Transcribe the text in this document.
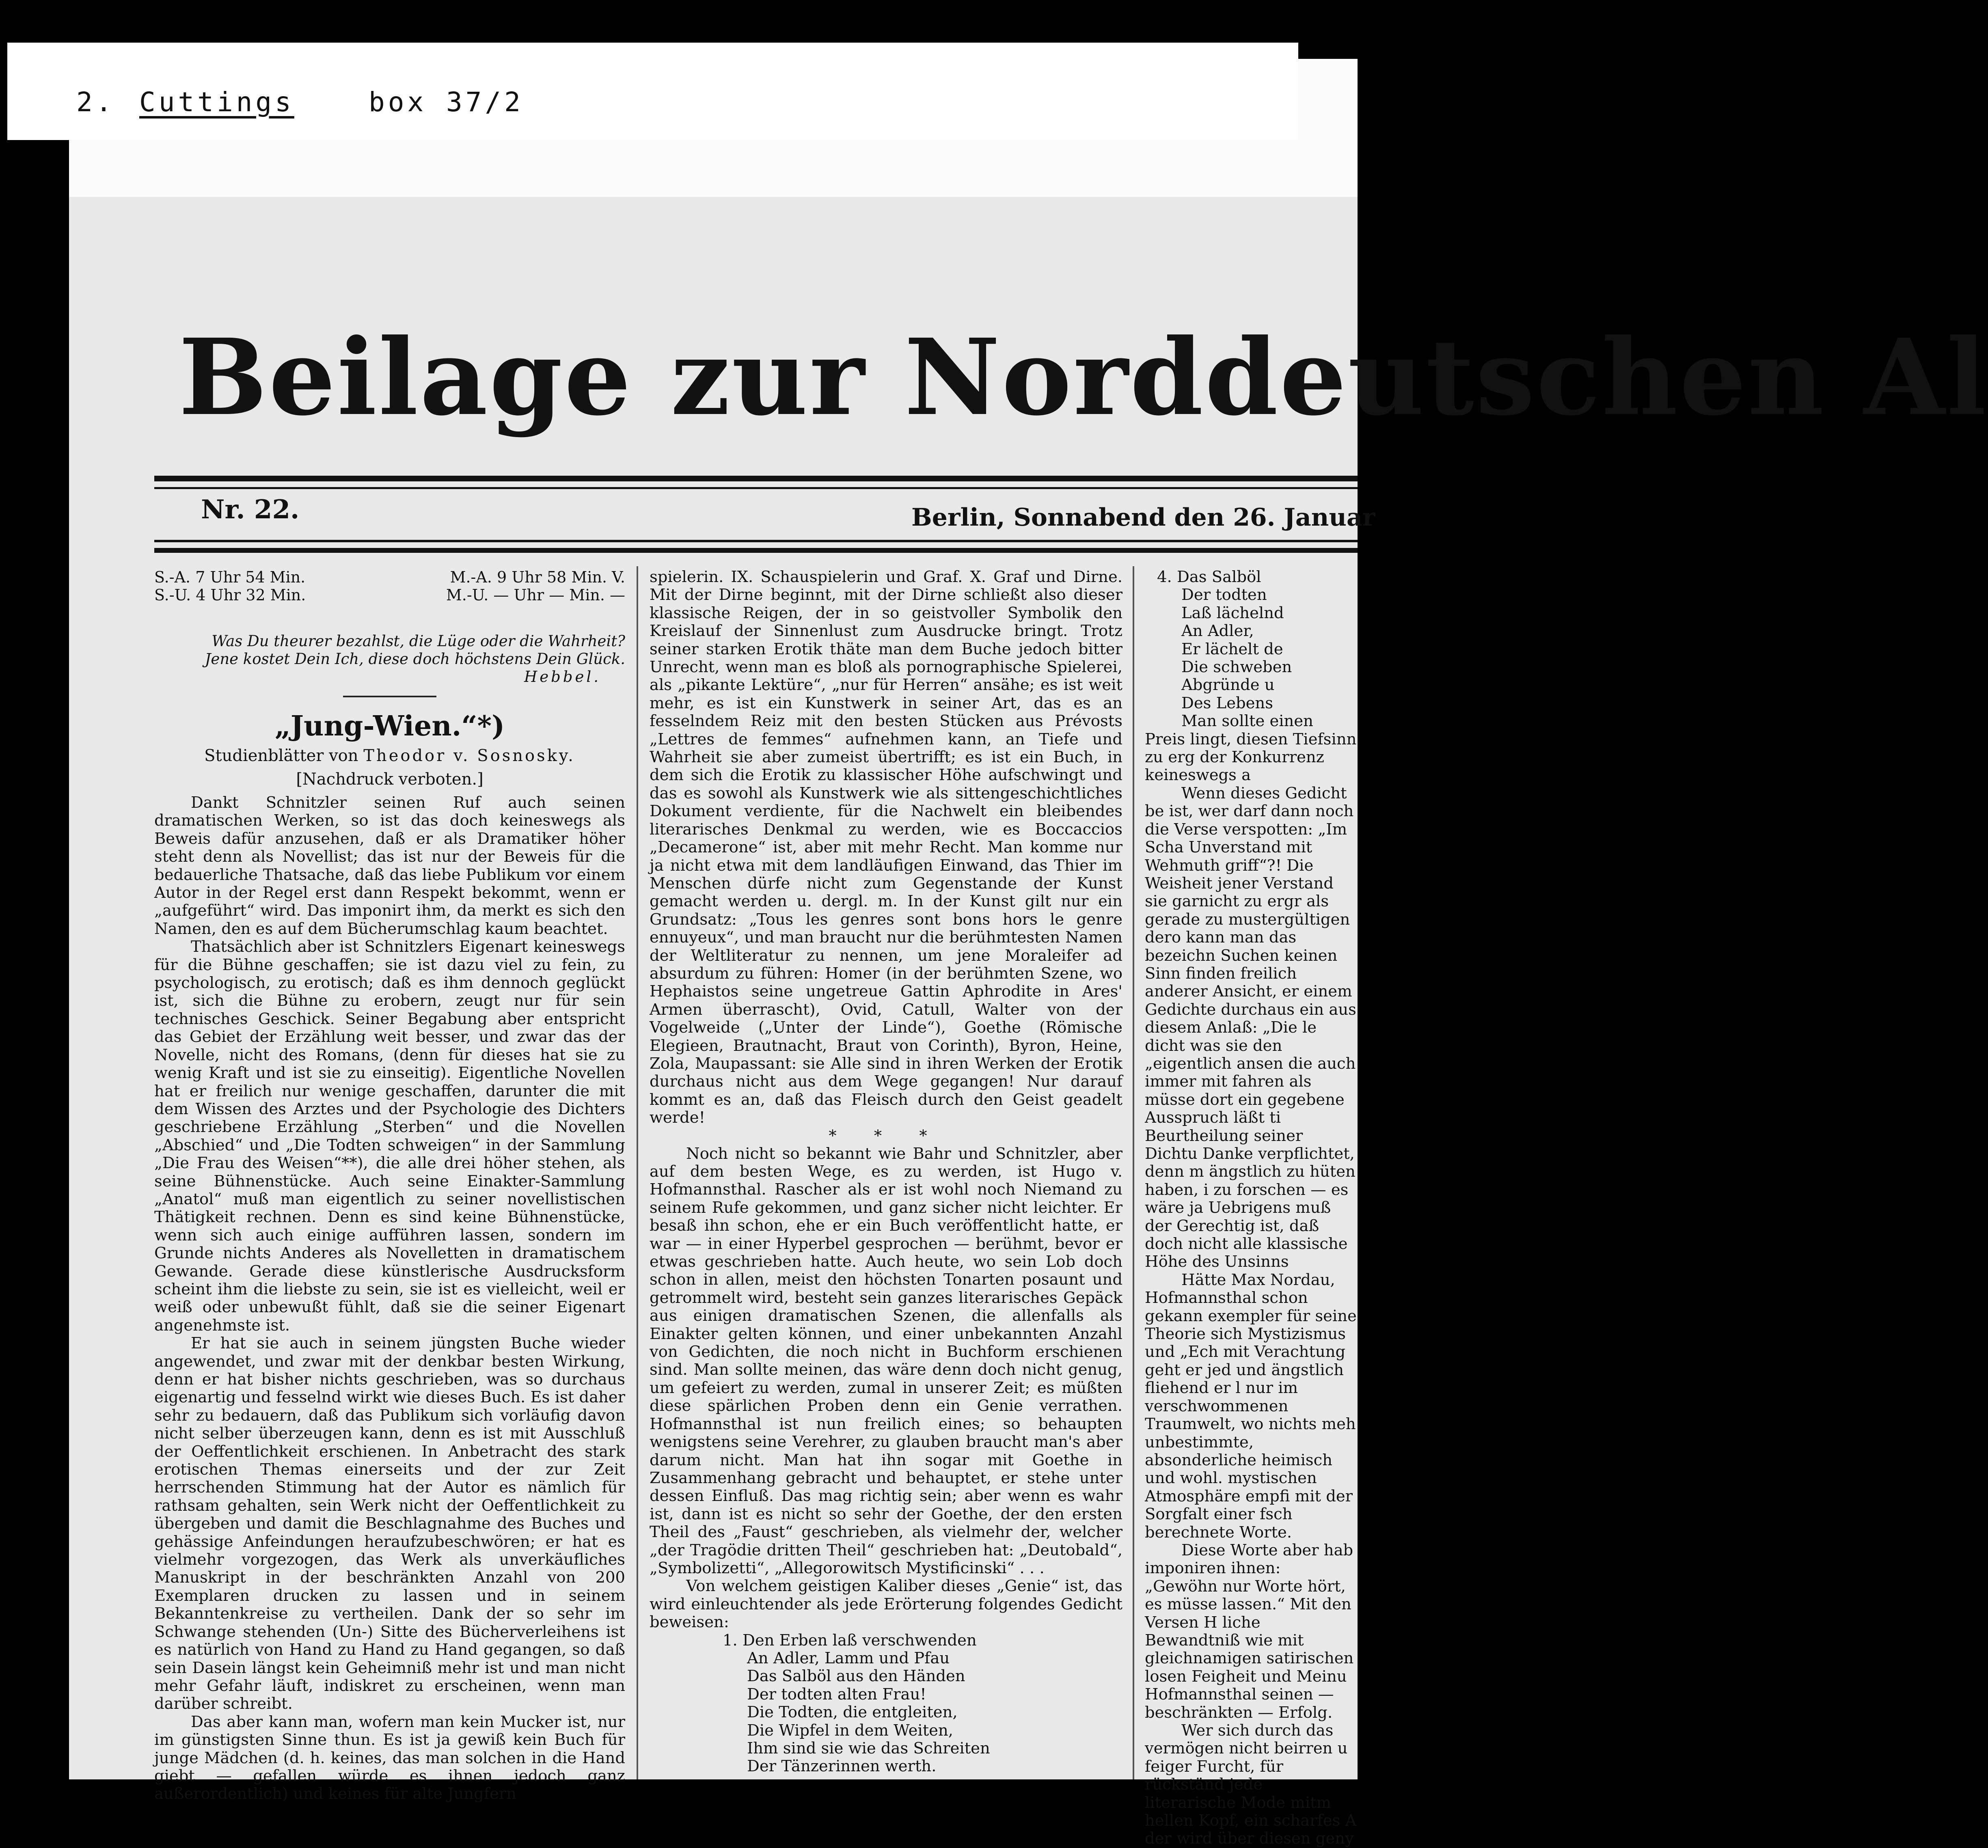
2. Cuttings	box 37/2
Beilage zur Norddeutschen Al
Nr. 22.	Berlin, Sonnabend den 26. Januar
S.-A. 7 Uhr 54 Min.	M.-A. 9 Uhr 58 Min. V.
S.-U. 4 Uhr 32 Min.	M.-U. — Uhr — Min. —
Was Du theurer bezahlst, die Lüge oder die Wahrheit?
Jene kostet Dein Ich, diese doch höchstens Dein Glück.
Hebbel.
„Jung-Wien.“*)
Studienblätter von Theodor v. Sosnosky.
[Nachdruck verboten.]

Dankt Schnitzler seinen Ruf auch seinen dramatischen Werken, so ist das doch keineswegs als Beweis dafür anzusehen, daß er als Dramatiker höher steht denn als Novellist; das ist nur der Beweis für die bedauerliche Thatsache, daß das liebe Publikum vor einem Autor in der Regel erst dann Respekt bekommt, wenn er „aufgeführt“ wird. Das imponirt ihm, da merkt es sich den Namen, den es auf dem Bücherumschlag kaum beachtet.

Thatsächlich aber ist Schnitzlers Eigenart keineswegs für die Bühne geschaffen; sie ist dazu viel zu fein, zu psychologisch, zu erotisch; daß es ihm dennoch geglückt ist, sich die Bühne zu erobern, zeugt nur für sein technisches Geschick. Seiner Begabung aber entspricht das Gebiet der Erzählung weit besser, und zwar das der Novelle, nicht des Romans, (denn für dieses hat sie zu wenig Kraft und ist sie zu einseitig). Eigentliche Novellen hat er freilich nur wenige geschaffen, darunter die mit dem Wissen des Arztes und der Psychologie des Dichters geschriebene Erzählung „Sterben“ und die Novellen „Abschied“ und „Die Todten schweigen“ in der Sammlung „Die Frau des Weisen“**), die alle drei höher stehen, als seine Bühnenstücke. Auch seine Einakter-Sammlung „Anatol“ muß man eigentlich zu seiner novellistischen Thätigkeit rechnen. Denn es sind keine Bühnenstücke, wenn sich auch einige aufführen lassen, sondern im Grunde nichts Anderes als Novelletten in dramatischem Gewande. Gerade diese künstlerische Ausdrucksform scheint ihm die liebste zu sein, sie ist es vielleicht, weil er weiß oder unbewußt fühlt, daß sie die seiner Eigenart angenehmste ist.

Er hat sie auch in seinem jüngsten Buche wieder angewendet, und zwar mit der denkbar besten Wirkung, denn er hat bisher nichts geschrieben, was so durchaus eigenartig und fesselnd wirkt wie dieses Buch. Es ist daher sehr zu bedauern, daß das Publikum sich vorläufig davon nicht selber überzeugen kann, denn es ist mit Ausschluß der Oeffentlichkeit erschienen. In Anbetracht des stark erotischen Themas einerseits und der zur Zeit herrschenden Stimmung hat der Autor es nämlich für rathsam gehalten, sein Werk nicht der Oeffentlichkeit zu übergeben und damit die Beschlagnahme des Buches und gehässige Anfeindungen heraufzubeschwören; er hat es vielmehr vorgezogen, das Werk als unverkäufliches Manuskript in der beschränkten Anzahl von 200 Exemplaren drucken zu lassen und in seinem Bekanntenkreise zu vertheilen. Dank der so sehr im Schwange stehenden (Un-) Sitte des Bücherverleihens ist es natürlich von Hand zu Hand zu Hand gegangen, so daß sein Dasein längst kein Geheimniß mehr ist und man nicht mehr Gefahr läuft, indiskret zu erscheinen, wenn man darüber schreibt.

Das aber kann man, wofern man kein Mucker ist, nur im günstigsten Sinne thun. Es ist ja gewiß kein Buch für junge Mädchen (d. h. keines, das man solchen in die Hand giebt — gefallen würde es ihnen jedoch ganz außerordentlich) und keines für alte Jungfern

spielerin. IX. Schauspielerin und Graf. X. Graf und Dirne. Mit der Dirne beginnt, mit der Dirne schließt also dieser klassische Reigen, der in so geistvoller Symbolik den Kreislauf der Sinnenlust zum Ausdrucke bringt. Trotz seiner starken Erotik thäte man dem Buche jedoch bitter Unrecht, wenn man es bloß als pornographische Spielerei, als „pikante Lektüre“, „nur für Herren“ ansähe; es ist weit mehr, es ist ein Kunstwerk in seiner Art, das es an fesselndem Reiz mit den besten Stücken aus Prévosts „Lettres de femmes“ aufnehmen kann, an Tiefe und Wahrheit sie aber zumeist übertrifft; es ist ein Buch, in dem sich die Erotik zu klassischer Höhe aufschwingt und das es sowohl als Kunstwerk wie als sittengeschichtliches Dokument verdiente, für die Nachwelt ein bleibendes literarisches Denkmal zu werden, wie es Boccaccios „Decamerone“ ist, aber mit mehr Recht. Man komme nur ja nicht etwa mit dem landläufigen Einwand, das Thier im Menschen dürfe nicht zum Gegenstande der Kunst gemacht werden u. dergl. m. In der Kunst gilt nur ein Grundsatz: „Tous les genres sont bons hors le genre ennuyeux“, und man braucht nur die berühmtesten Namen der Weltliteratur zu nennen, um jene Moraleifer ad absurdum zu führen: Homer (in der berühmten Szene, wo Hephaistos seine ungetreue Gattin Aphrodite in Ares' Armen überrascht), Ovid, Catull, Walter von der Vogelweide („Unter der Linde“), Goethe (Römische Elegieen, Brautnacht, Braut von Corinth), Byron, Heine, Zola, Maupassant: sie Alle sind in ihren Werken der Erotik durchaus nicht aus dem Wege gegangen! Nur darauf kommt es an, daß das Fleisch durch den Geist geadelt werde!

* * *

Noch nicht so bekannt wie Bahr und Schnitzler, aber auf dem besten Wege, es zu werden, ist Hugo v. Hofmannsthal. Rascher als er ist wohl noch Niemand zu seinem Rufe gekommen, und ganz sicher nicht leichter. Er besaß ihn schon, ehe er ein Buch veröffentlicht hatte, er war — in einer Hyperbel gesprochen — berühmt, bevor er etwas geschrieben hatte. Auch heute, wo sein Lob doch schon in allen, meist den höchsten Tonarten posaunt und getrommelt wird, besteht sein ganzes literarisches Gepäck aus einigen dramatischen Szenen, die allenfalls als Einakter gelten können, und einer unbekannten Anzahl von Gedichten, die noch nicht in Buchform erschienen sind. Man sollte meinen, das wäre denn doch nicht genug, um gefeiert zu werden, zumal in unserer Zeit; es müßten diese spärlichen Proben denn ein Genie verrathen. Hofmannsthal ist nun freilich eines; so behaupten wenigstens seine Verehrer, zu glauben braucht man's aber darum nicht. Man hat ihn sogar mit Goethe in Zusammenhang gebracht und behauptet, er stehe unter dessen Einfluß. Das mag richtig sein; aber wenn es wahr ist, dann ist es nicht so sehr der Goethe, der den ersten Theil des „Faust“ geschrieben, als vielmehr der, welcher „der Tragödie dritten Theil“ geschrieben hat: „Deutobald“, „Symbolizetti“, „Allegorowitsch Mystificinski“ . . .

Von welchem geistigen Kaliber dieses „Genie“ ist, das wird einleuchtender als jede Erörterung folgendes Gedicht beweisen:

1. Den Erben laß verschwenden
An Adler, Lamm und Pfau
Das Salböl aus den Händen
Der todten alten Frau!
Die Todten, die entgleiten,
Die Wipfel in dem Weiten,
Ihm sind sie wie das Schreiten
Der Tänzerinnen werth.
4. Das Salböl
Der todten
Laß lächelnd
An Adler,
Er lächelt de
Die schweben
Abgründe u
Des Lebens

Man sollte einen Preis lingt, diesen Tiefsinn zu erg der Konkurrenz keineswegs a

Wenn dieses Gedicht be ist, wer darf dann noch die Verse verspotten: „Im Scha Unverstand mit Wehmuth griff“?! Die Weisheit jener Verstand sie garnicht zu ergr als gerade zu mustergültigen dero kann man das bezeichn Suchen keinen Sinn finden freilich anderer Ansicht, er einem Gedichte durchaus ein aus diesem Anlaß: „Die le dicht was sie den „eigentlich ansen die auch immer mit fahren als müsse dort ein gegebene Ausspruch läßt ti Beurtheilung seiner Dichtu Danke verpflichtet, denn m ängstlich zu hüten haben, i zu forschen — es wäre ja Uebrigens muß der Gerechtig ist, daß doch nicht alle klassische Höhe des Unsinns

Hätte Max Nordau, Hofmannsthal schon gekann exempler für seine Theorie sich Mystizismus und „Ech mit Verachtung geht er jed und ängstlich fliehend er l nur im verschwommenen Traumwelt, wo nichts meh unbestimmte, absonderliche heimisch und wohl. mystischen Atmosphäre empfi mit der Sorgfalt einer fsch berechnete Worte.

Diese Worte aber hab imponiren ihnen: „Gewöhn nur Worte hört, es müsse lassen.“ Mit den Versen H liche Bewandtniß wie mit gleichnamigen satirischen losen Feigheit und Meinu Hofmannsthal seinen — beschränkten — Erfolg.

Wer sich durch das vermögen nicht beirren u feiger Furcht, für rückständ jede literarische Mode mitm hellen Kopf, ein scharfes A der wird über diesen geny
